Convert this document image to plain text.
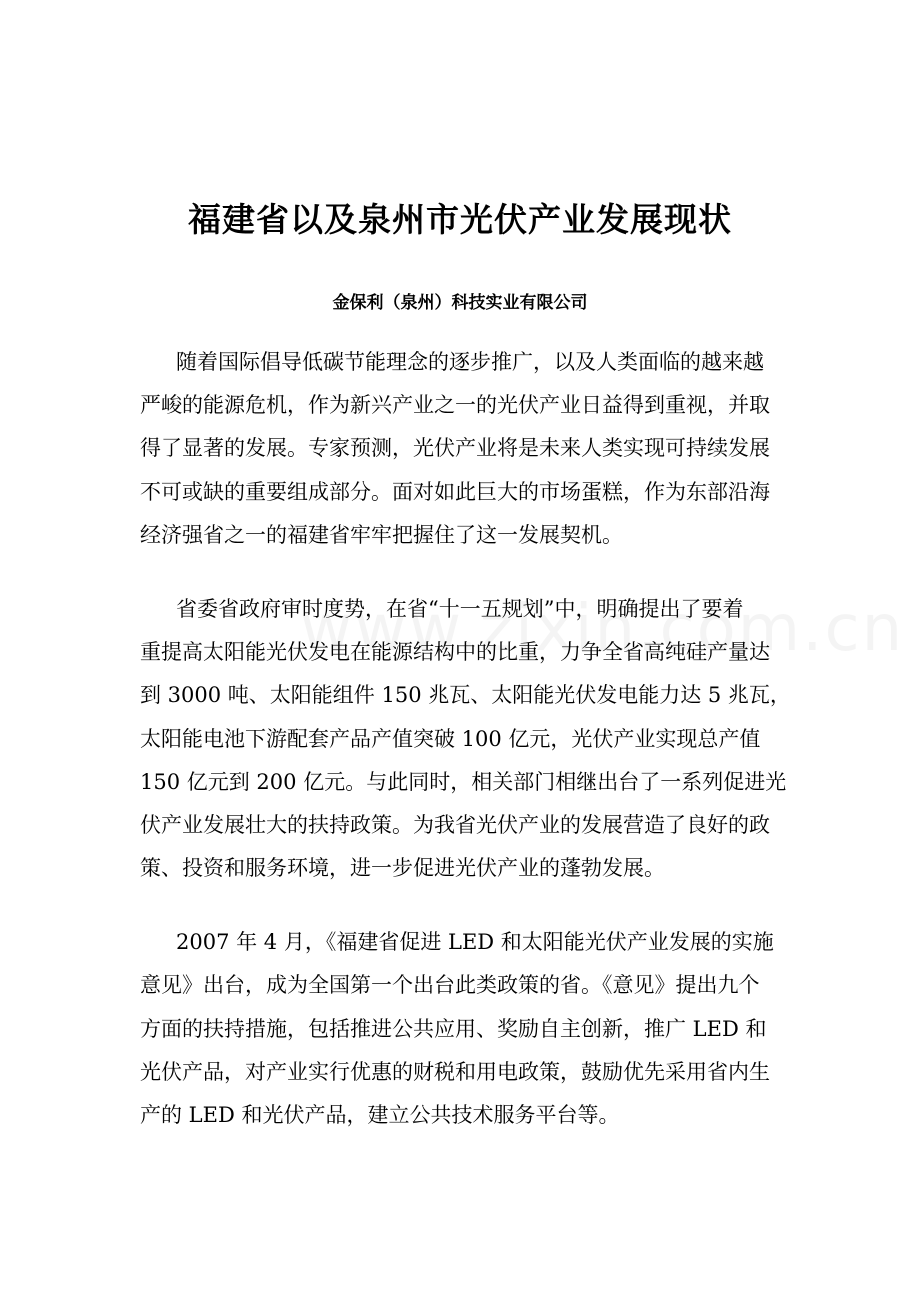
福建省以及泉州市光伏产业发展现状
金保利（泉州）科技实业有限公司
随着国际倡导低碳节能理念的逐步推广，以及人类面临的越来越
严峻的能源危机，作为新兴产业之一的光伏产业日益得到重视，并取
得了显著的发展。专家预测，光伏产业将是未来人类实现可持续发展
不可或缺的重要组成部分。面对如此巨大的市场蛋糕，作为东部沿海
经济强省之一的福建省牢牢把握住了这一发展契机。
省委省政府审时度势，在省“十一五规划”中，明确提出了要着
重提高太阳能光伏发电在能源结构中的比重，力争全省高纯硅产量达
到 3000 吨、太阳能组件 150 兆瓦、太阳能光伏发电能力达 5 兆瓦，
太阳能电池下游配套产品产值突破 100 亿元，光伏产业实现总产值
150 亿元到 200 亿元。与此同时，相关部门相继出台了一系列促进光
伏产业发展壮大的扶持政策。为我省光伏产业的发展营造了良好的政
策、投资和服务环境，进一步促进光伏产业的蓬勃发展。
2007 年 4 月，《福建省促进 LED 和太阳能光伏产业发展的实施
意见》出台，成为全国第一个出台此类政策的省。《意见》提出九个
方面的扶持措施，包括推进公共应用、奖励自主创新，推广 LED 和
光伏产品，对产业实行优惠的财税和用电政策，鼓励优先采用省内生
产的 LED 和光伏产品，建立公共技术服务平台等。
